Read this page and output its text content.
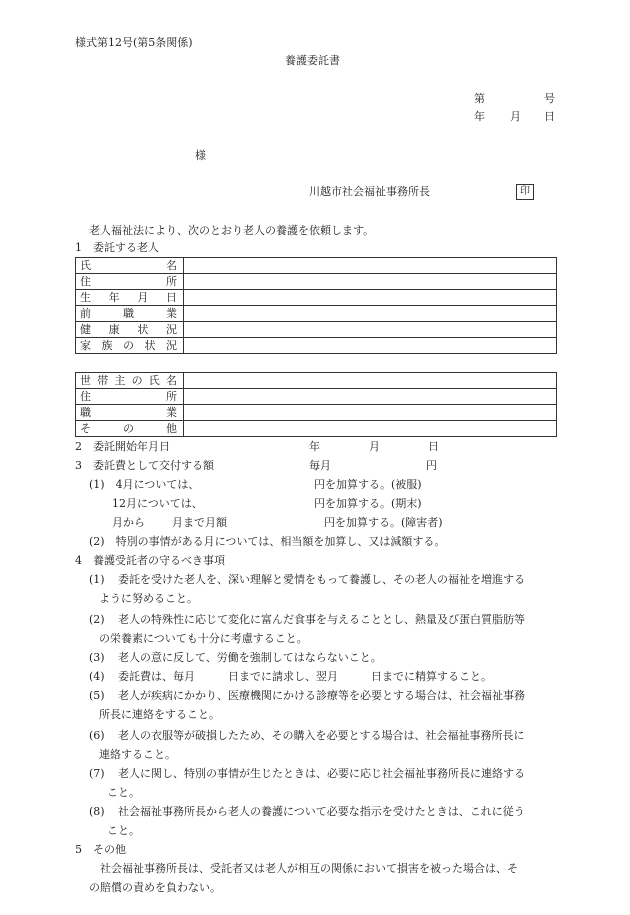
様式第12号(第5条関係)
養護委託書
第	号
年 月 日
様
川越市社会福祉事務所長	印
老人福祉法により、次のとおり老人の養護を依頼します。
1　委託する老人
氏名	

住所	

生年月日	

前職業	

健康状況	

家族の状況	

世帯主の氏名	

住所	

職業	

その他	

2　委託開始年月日	年	月	日
3　委託費として交付する額	毎月	円
(1)　4月については、	円を加算する。(被服)
12月については、	円を加算する。(期末)
月から 月まで月額	円を加算する。(障害者)
(2)　特別の事情がある月については、相当額を加算し、又は減額する。
4　養護受託者の守るべき事項
(1) 委託を受けた老人を、深い理解と愛情をもって養護し、その老人の福祉を増進する
ように努めること。
(2) 老人の特殊性に応じて変化に富んだ食事を与えることとし、熱量及び蛋白質脂肪等
の栄養素についても十分に考慮すること。
(3) 老人の意に反して、労働を強制してはならないこと。
(4) 委託費は、毎月　　　日までに請求し、翌月　　　日までに精算すること。
(5) 老人が疾病にかかり、医療機関にかける診療等を必要とする場合は、社会福祉事務
所長に連絡をすること。
(6) 老人の衣服等が破損したため、その購入を必要とする場合は、社会福祉事務所長に
連絡すること。
(7) 老人に関し、特別の事情が生じたときは、必要に応じ社会福祉事務所長に連絡する
こと。
(8) 社会福祉事務所長から老人の養護について必要な指示を受けたときは、これに従う
こと。
5　その他
社会福祉事務所長は、受託者又は老人が相互の関係において損害を被った場合は、そ
の賠償の責めを負わない。
